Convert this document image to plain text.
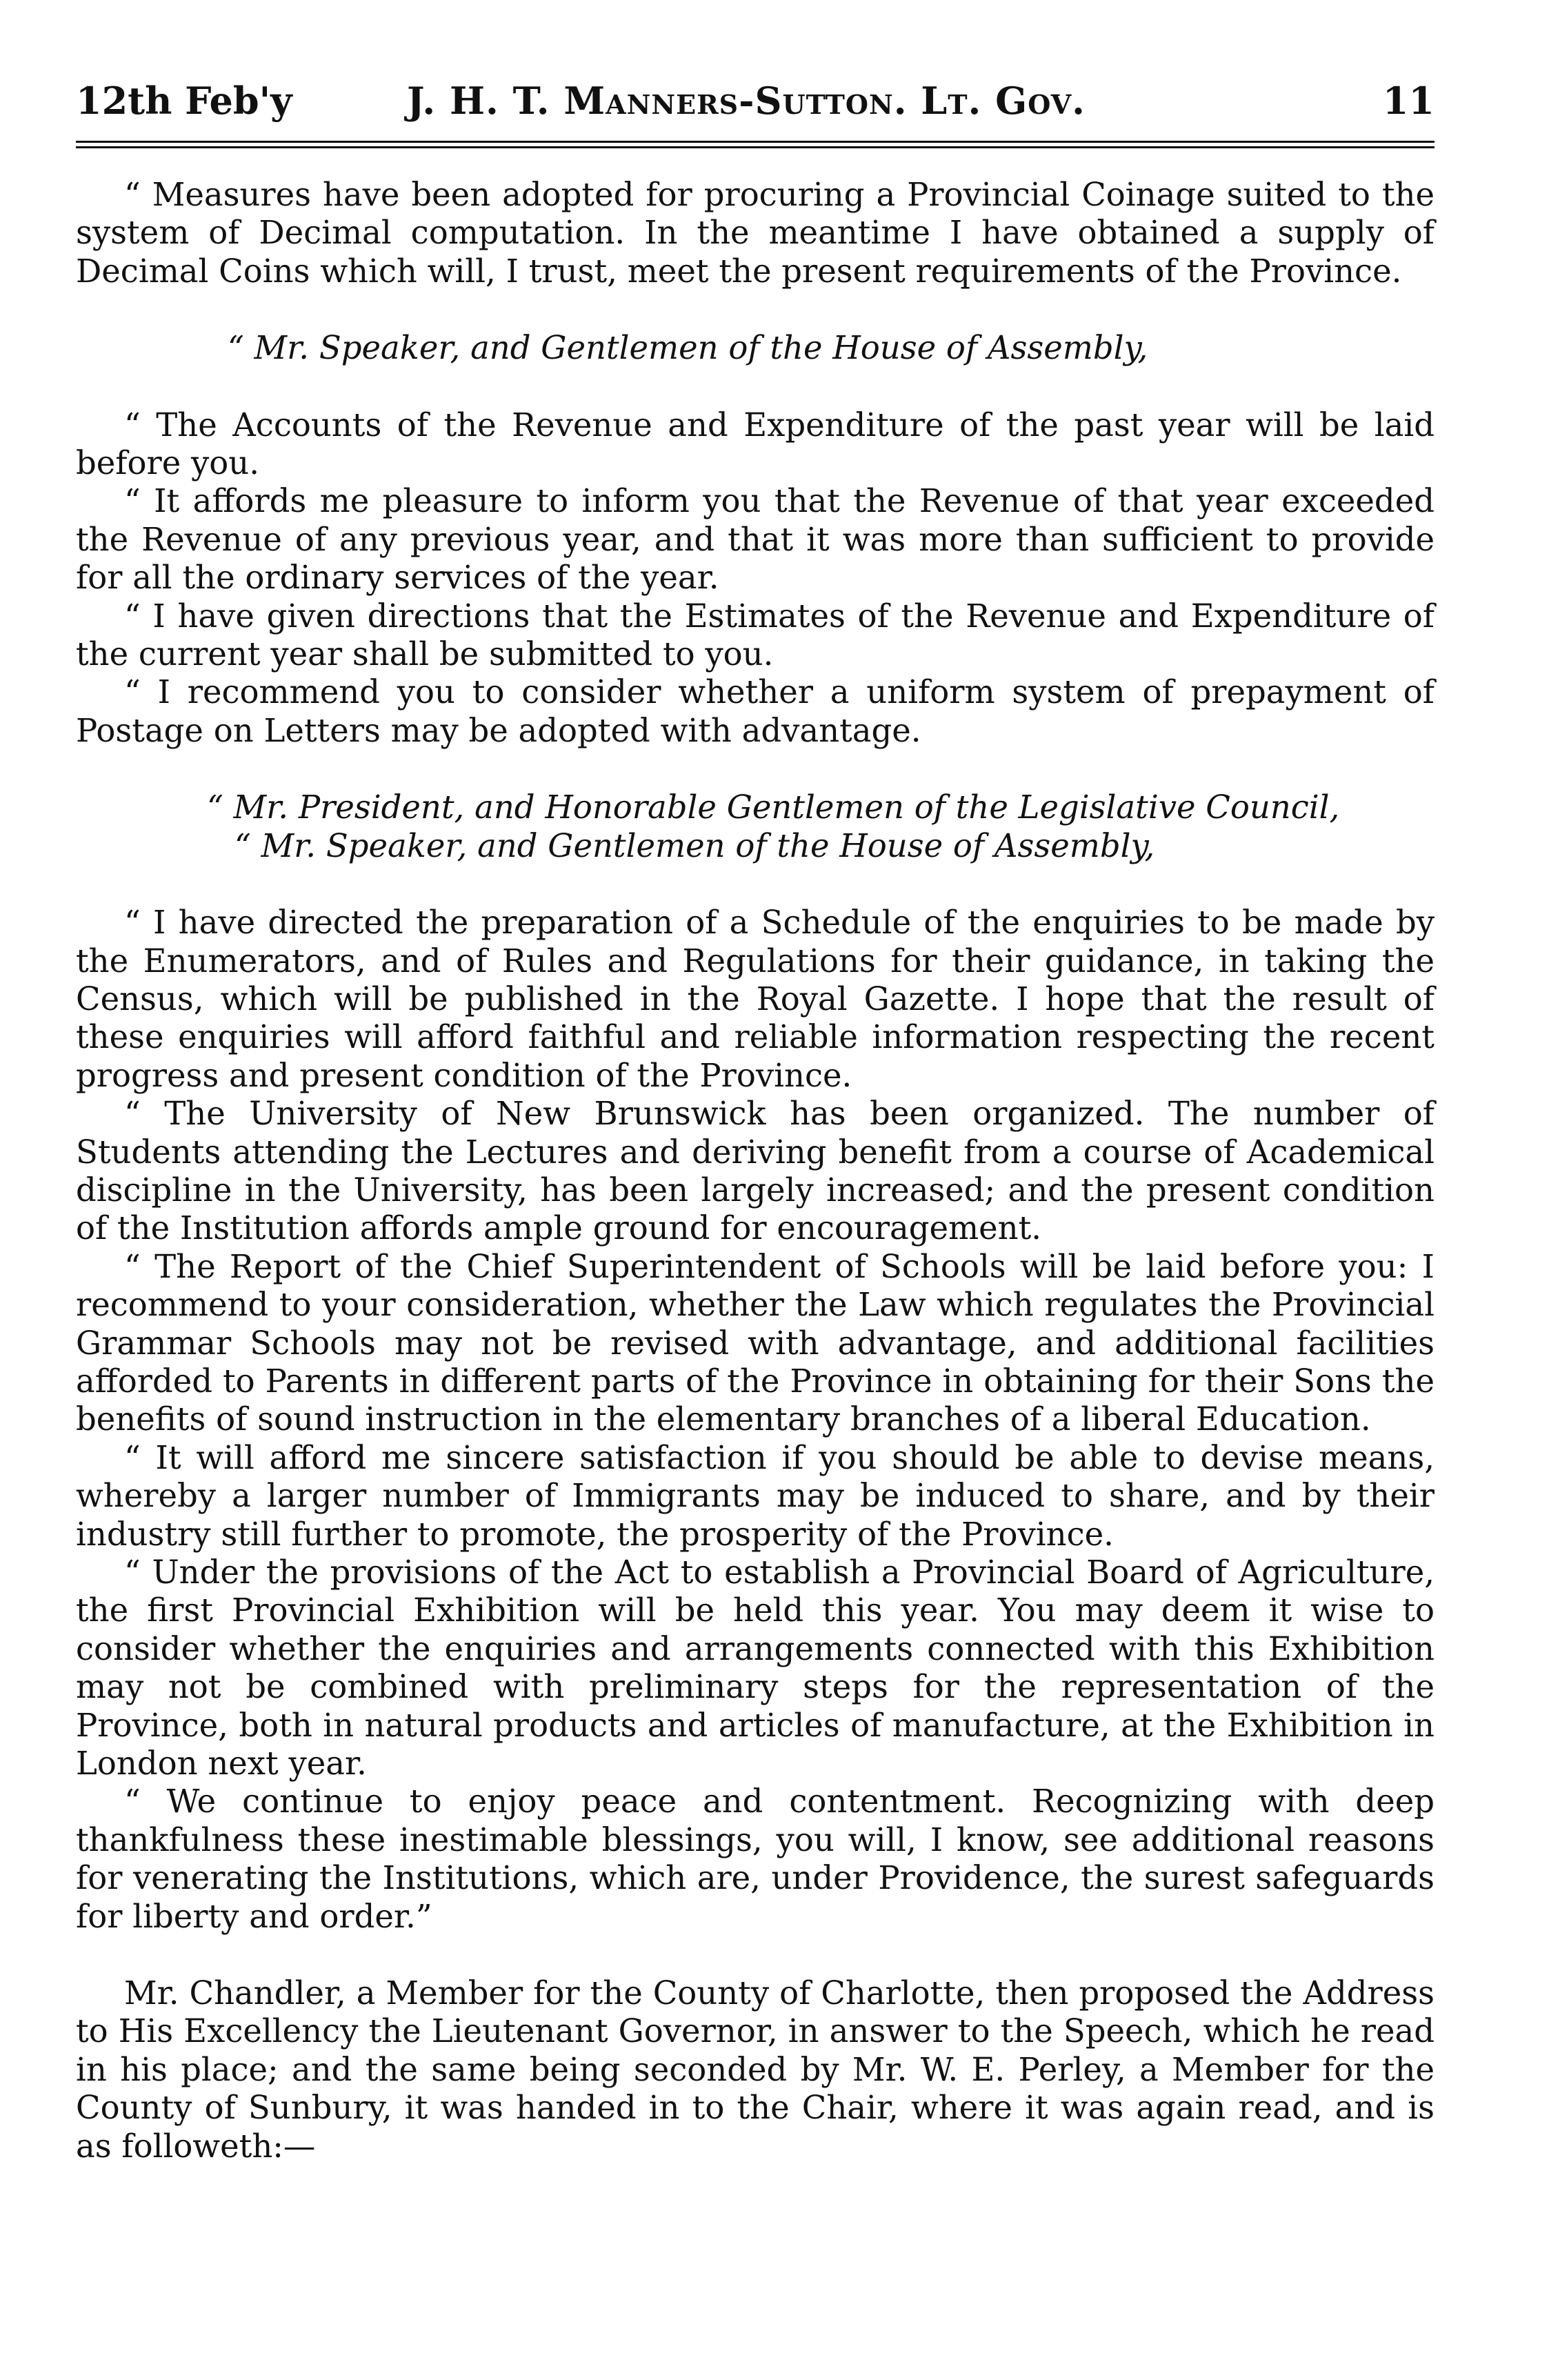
12th Feb'y	J. H. T. Manners-Sutton. Lt. Gov.	11

“ Measures have been adopted for procuring a Provincial Coinage suited to the system of Decimal computation. In the meantime I have obtained a supply of Decimal Coins which will, I trust, meet the present requirements of the Province.

“ Mr. Speaker, and Gentlemen of the House of Assembly,

“ The Accounts of the Revenue and Expenditure of the past year will be laid before you.

“ It affords me pleasure to inform you that the Revenue of that year exceeded the Revenue of any previous year, and that it was more than sufficient to provide for all the ordinary services of the year.

“ I have given directions that the Estimates of the Revenue and Expenditure of the current year shall be submitted to you.

“ I recommend you to consider whether a uniform system of prepayment of Postage on Letters may be adopted with advantage.

“ Mr. President, and Honorable Gentlemen of the Legislative Council,

“ Mr. Speaker, and Gentlemen of the House of Assembly,

“ I have directed the preparation of a Schedule of the enquiries to be made by the Enumerators, and of Rules and Regulations for their guidance, in taking the Census, which will be published in the Royal Gazette. I hope that the result of these enquiries will afford faithful and reliable information respecting the recent progress and present condition of the Province.

“ The University of New Brunswick has been organized. The number of Students attending the Lectures and deriving benefit from a course of Academical discipline in the University, has been largely increased; and the present condition of the Institution affords ample ground for encouragement.

“ The Report of the Chief Superintendent of Schools will be laid before you: I recommend to your consideration, whether the Law which regulates the Provincial Grammar Schools may not be revised with advantage, and additional facilities afforded to Parents in different parts of the Province in obtaining for their Sons the benefits of sound instruction in the elementary branches of a liberal Education.

“ It will afford me sincere satisfaction if you should be able to devise means, whereby a larger number of Immigrants may be induced to share, and by their industry still further to promote, the prosperity of the Province.

“ Under the provisions of the Act to establish a Provincial Board of Agriculture, the first Provincial Exhibition will be held this year. You may deem it wise to consider whether the enquiries and arrangements connected with this Exhibition may not be combined with preliminary steps for the representation of the Province, both in natural products and articles of manufacture, at the Exhibition in London next year.

“ We continue to enjoy peace and contentment. Recognizing with deep thankfulness these inestimable blessings, you will, I know, see additional reasons for venerating the Institutions, which are, under Providence, the surest safeguards for liberty and order.”

Mr. Chandler, a Member for the County of Charlotte, then proposed the Address to His Excellency the Lieutenant Governor, in answer to the Speech, which he read in his place; and the same being seconded by Mr. W. E. Perley, a Member for the County of Sunbury, it was handed in to the Chair, where it was again read, and is as followeth:—
